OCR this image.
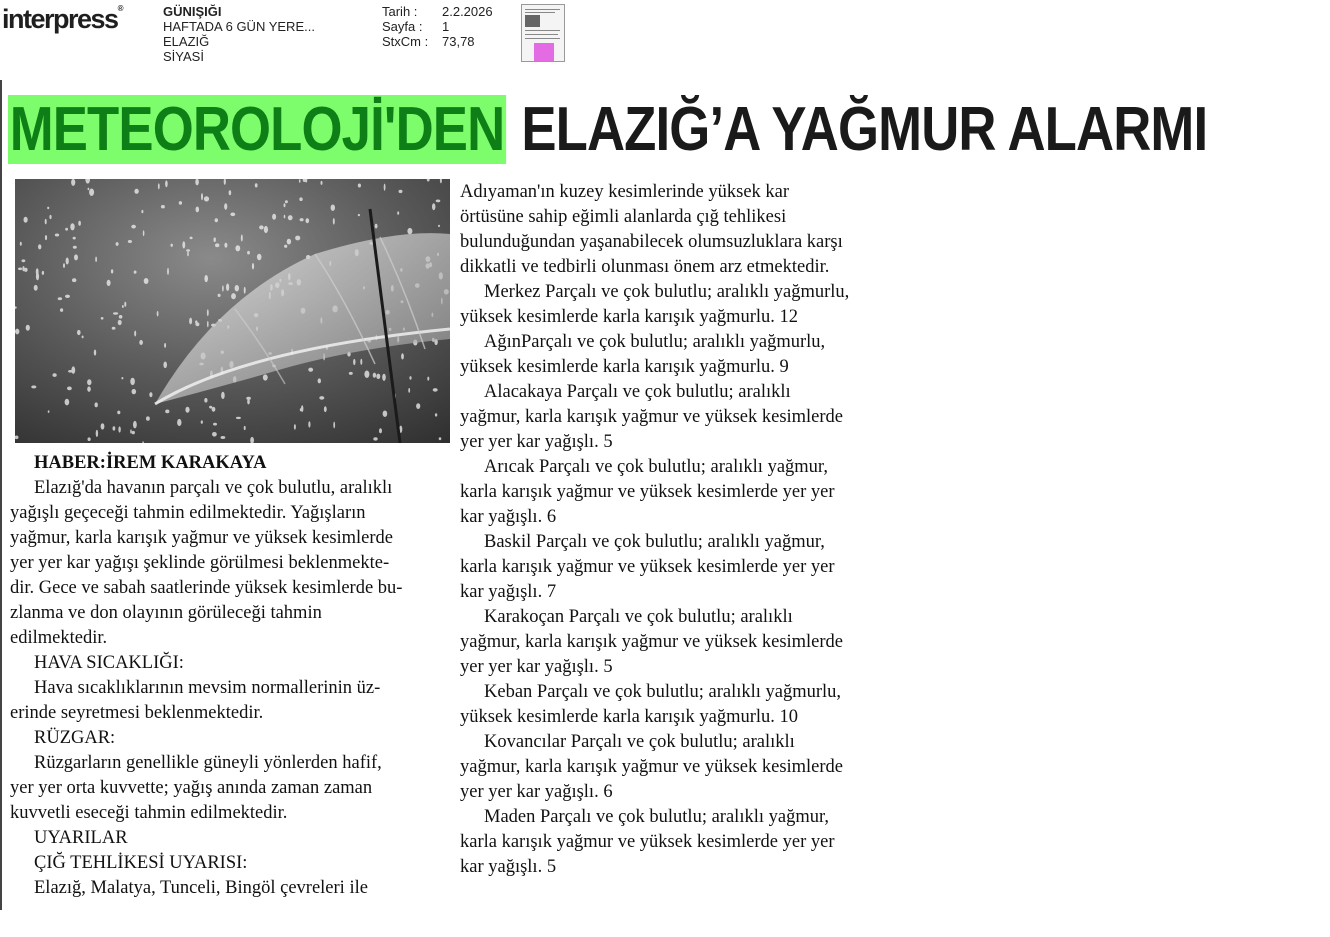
interpress®	GÜNIŞIĞI
HAFTADA 6 GÜN YERE...
ELAZIĞ
SİYASİ
Tarih :	2.2.2026
Sayfa :	1
StxCm :	73,78
METEOROLOJİ'DEN ELAZIĞ’A YAĞMUR ALARMI

HABER:İREM KARAKAYA

Elazığ'da havanın parçalı ve çok bulutlu, aralıklı

yağışlı geçeceği tahmin edilmektedir. Yağışların

yağmur, karla karışık yağmur ve yüksek kesimlerde

yer yer kar yağışı şeklinde görülmesi beklenmekte-

dir. Gece ve sabah saatlerinde yüksek kesimlerde bu-

zlanma ve don olayının görüleceği tahmin

edilmektedir.

HAVA SICAKLIĞI:

Hava sıcaklıklarının mevsim normallerinin üz-

erinde seyretmesi beklenmektedir.

RÜZGAR:

Rüzgarların genellikle güneyli yönlerden hafif,

yer yer orta kuvvette; yağış anında zaman zaman

kuvvetli eseceği tahmin edilmektedir.

UYARILAR

ÇIĞ TEHLİKESİ UYARISI:

Elazığ, Malatya, Tunceli, Bingöl çevreleri ile

Adıyaman'ın kuzey kesimlerinde yüksek kar

örtüsüne sahip eğimli alanlarda çığ tehlikesi

bulunduğundan yaşanabilecek olumsuzluklara karşı

dikkatli ve tedbirli olunması önem arz etmektedir.

Merkez Parçalı ve çok bulutlu; aralıklı yağmurlu,

yüksek kesimlerde karla karışık yağmurlu. 12

AğınParçalı ve çok bulutlu; aralıklı yağmurlu,

yüksek kesimlerde karla karışık yağmurlu. 9

Alacakaya Parçalı ve çok bulutlu; aralıklı

yağmur, karla karışık yağmur ve yüksek kesimlerde

yer yer kar yağışlı. 5

Arıcak Parçalı ve çok bulutlu; aralıklı yağmur,

karla karışık yağmur ve yüksek kesimlerde yer yer

kar yağışlı. 6

Baskil Parçalı ve çok bulutlu; aralıklı yağmur,

karla karışık yağmur ve yüksek kesimlerde yer yer

kar yağışlı. 7

Karakoçan Parçalı ve çok bulutlu; aralıklı

yağmur, karla karışık yağmur ve yüksek kesimlerde

yer yer kar yağışlı. 5

Keban Parçalı ve çok bulutlu; aralıklı yağmurlu,

yüksek kesimlerde karla karışık yağmurlu. 10

Kovancılar Parçalı ve çok bulutlu; aralıklı

yağmur, karla karışık yağmur ve yüksek kesimlerde

yer yer kar yağışlı. 6

Maden Parçalı ve çok bulutlu; aralıklı yağmur,

karla karışık yağmur ve yüksek kesimlerde yer yer

kar yağışlı. 5
